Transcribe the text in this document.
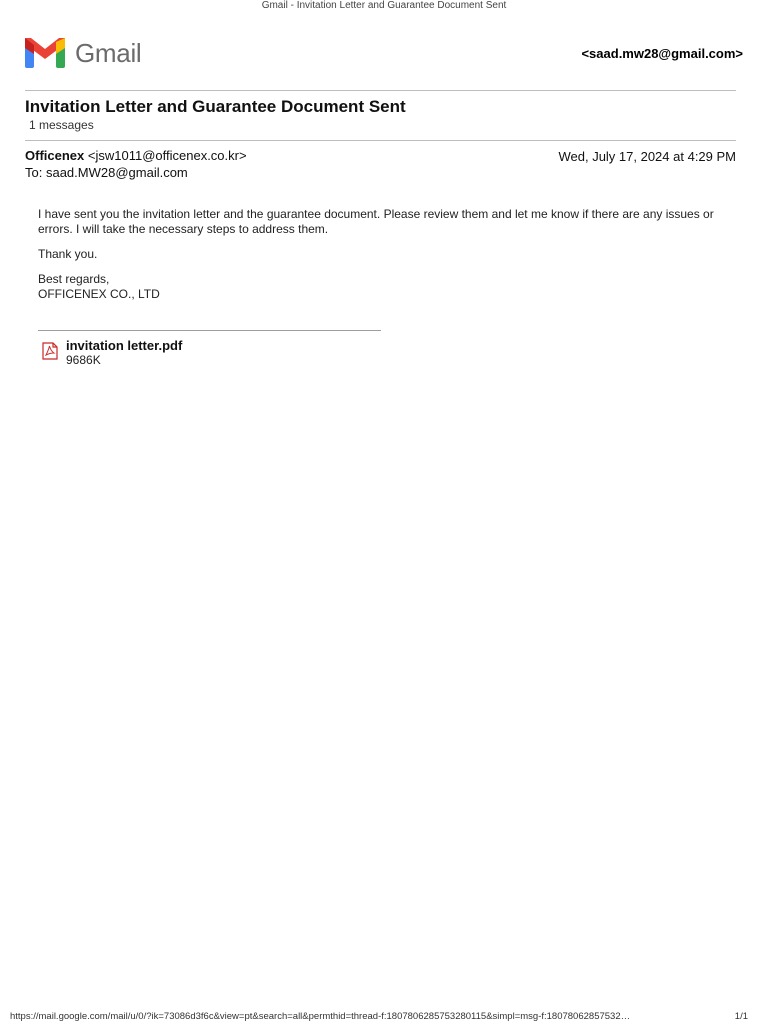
Gmail - Invitation Letter and Guarantee Document Sent
Gmail	<saad.mw28@gmail.com>
Invitation Letter and Guarantee Document Sent
1 messages
Officenex <jsw1011@officenex.co.kr>	Wed, July 17, 2024 at 4:29 PM
To: saad.MW28@gmail.com

I have sent you the invitation letter and the guarantee document. Please review them and let me know if there are any issues or errors. I will take the necessary steps to address them.

Thank you.

Best regards,
OFFICENEX CO., LTD
invitation letter.pdf
9686K
https://mail.google.com/mail/u/0/?ik=73086d3f6c&view=pt&search=all&permthid=thread-f:1807806285753280115&simpl=msg-f:18078062857532…	1/1
